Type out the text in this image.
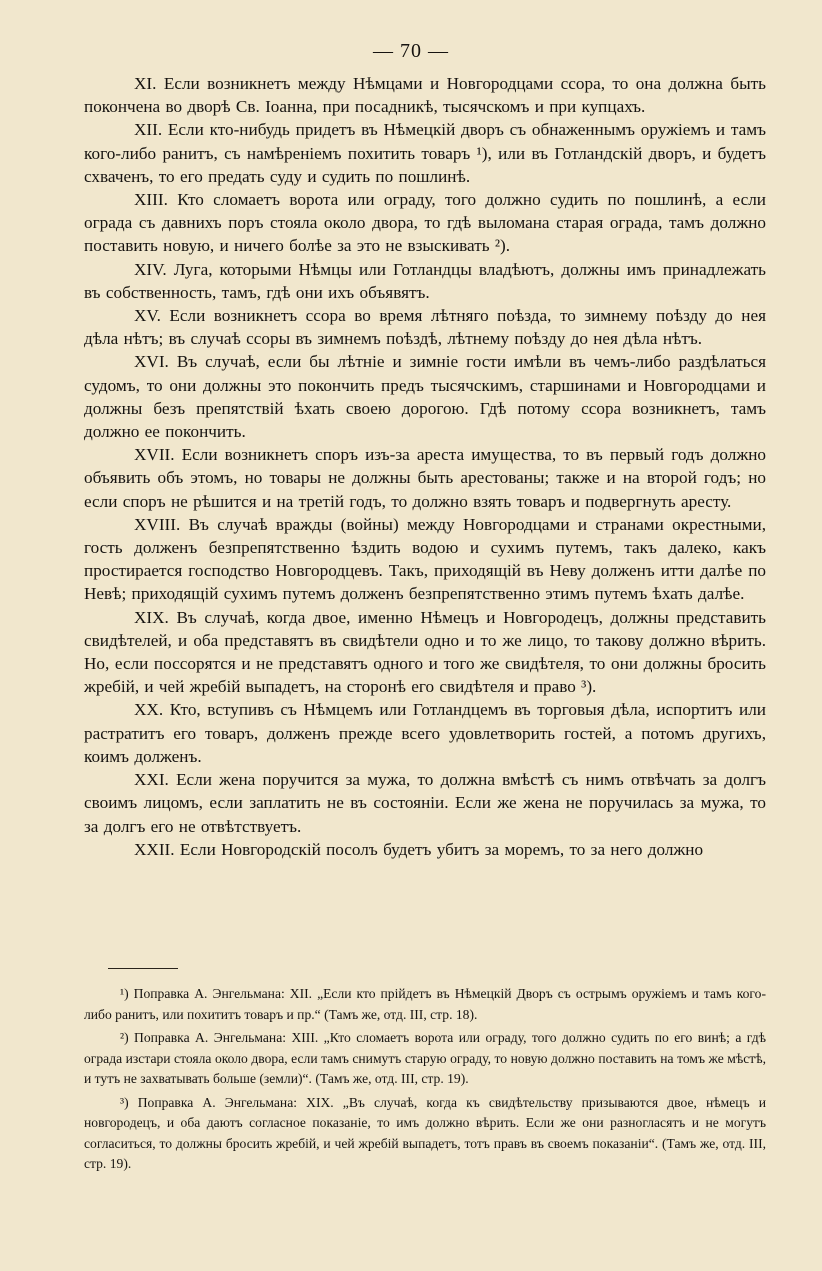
— 70 —

XI. Если возникнетъ между Нѣмцами и Новгородцами ссора, то она должна быть покончена во дворѣ Св. Іоанна, при посадникѣ, тысячскомъ и при купцахъ.

XII. Если кто-нибудь придетъ въ Нѣмецкій дворъ съ обнаженнымъ оружіемъ и тамъ кого-либо ранитъ, съ намѣреніемъ похитить товаръ ¹), или въ Готландскій дворъ, и будетъ схваченъ, то его предать суду и судить по пошлинѣ.

XIII. Кто сломаетъ ворота или ограду, того должно судить по пошлинѣ, а если ограда съ давнихъ поръ стояла около двора, то гдѣ выломана старая ограда, тамъ должно поставить новую, и ничего болѣе за это не взыскивать ²).

XIV. Луга, которыми Нѣмцы или Готландцы владѣютъ, должны имъ принадлежать въ собственность, тамъ, гдѣ они ихъ объявятъ.

XV. Если возникнетъ ссора во время лѣтняго поѣзда, то зимнему поѣзду до нея дѣла нѣтъ; въ случаѣ ссоры въ зимнемъ поѣздѣ, лѣтнему поѣзду до нея дѣла нѣтъ.

XVI. Въ случаѣ, если бы лѣтніе и зимніе гости имѣли въ чемъ-либо раздѣлаться судомъ, то они должны это покончить предъ тысячскимъ, старшинами и Новгородцами и должны безъ препятствій ѣхать своею дорогою. Гдѣ потому ссора возникнетъ, тамъ должно ее покончить.

XVII. Если возникнетъ споръ изъ-за ареста имущества, то въ первый годъ должно объявить объ этомъ, но товары не должны быть арестованы; также и на второй годъ; но если споръ не рѣшится и на третій годъ, то должно взять товаръ и подвергнуть аресту.

XVIII. Въ случаѣ вражды (войны) между Новгородцами и странами окрестными, гость долженъ безпрепятственно ѣздить водою и сухимъ путемъ, такъ далеко, какъ простирается господство Новгородцевъ. Такъ, приходящій въ Неву долженъ итти далѣе по Невѣ; приходящій сухимъ путемъ долженъ безпрепятственно этимъ путемъ ѣхать далѣе.

XIX. Въ случаѣ, когда двое, именно Нѣмецъ и Новгородецъ, должны представить свидѣтелей, и оба представятъ въ свидѣтели одно и то же лицо, то такову должно вѣрить. Но, если поссорятся и не представятъ одного и того же свидѣтеля, то они должны бросить жребій, и чей жребій выпадетъ, на сторонѣ его свидѣтеля и право ³).

XX. Кто, вступивъ съ Нѣмцемъ или Готландцемъ въ торговыя дѣла, испортитъ или растратитъ его товаръ, долженъ прежде всего удовлетворить гостей, а потомъ другихъ, коимъ долженъ.

XXI. Если жена поручится за мужа, то должна вмѣстѣ съ нимъ отвѣчать за долгъ своимъ лицомъ, если заплатить не въ состояніи. Если же жена не поручилась за мужа, то за долгъ его не отвѣтствуетъ.

XXII. Если Новгородскій посолъ будетъ убитъ за моремъ, то за него должно

¹) Поправка А. Энгельмана: XII. „Если кто прійдетъ въ Нѣмецкій Дворъ съ острымъ оружіемъ и тамъ кого-либо ранитъ, или похититъ товаръ и пр.“ (Тамъ же, отд. III, стр. 18).

²) Поправка А. Энгельмана: XIII. „Кто сломаетъ ворота или ограду, того должно судить по его винѣ; а гдѣ ограда изстари стояла около двора, если тамъ снимутъ старую ограду, то новую должно поставить на томъ же мѣстѣ, и тутъ не захватывать больше (земли)“. (Тамъ же, отд. III, стр. 19).

³) Поправка А. Энгельмана: XIX. „Въ случаѣ, когда къ свидѣтельству призываются двое, нѣмецъ и новгородецъ, и оба даютъ согласное показаніе, то имъ должно вѣрить. Если же они разногласятъ и не могутъ согласиться, то должны бросить жребій, и чей жребій выпадетъ, тотъ правъ въ своемъ показаніи“. (Тамъ же, отд. III, стр. 19).
